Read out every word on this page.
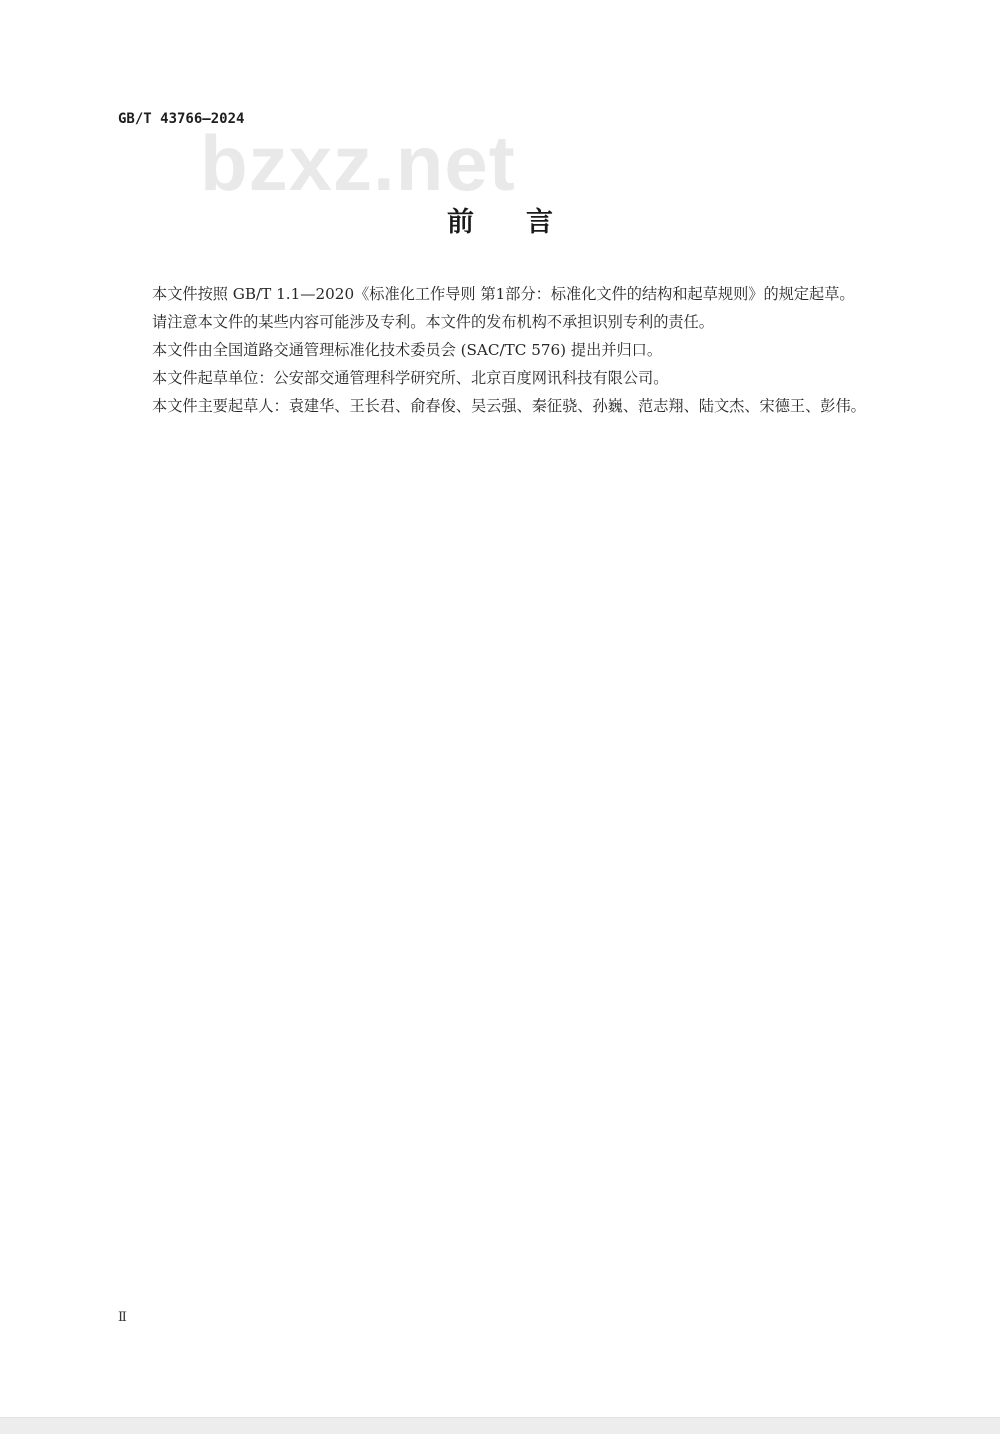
GB/T 43766—2024
bzxz.net
前 言

本文件按照 GB/T 1.1—2020《标准化工作导则 第1部分：标准化文件的结构和起草规则》的规定起草。

请注意本文件的某些内容可能涉及专利。本文件的发布机构不承担识别专利的责任。

本文件由全国道路交通管理标准化技术委员会 (SAC/TC 576) 提出并归口。

本文件起草单位：公安部交通管理科学研究所、北京百度网讯科技有限公司。

本文件主要起草人：袁建华、王长君、俞春俊、吴云强、秦征骁、孙巍、范志翔、陆文杰、宋德王、彭伟。

Ⅱ
